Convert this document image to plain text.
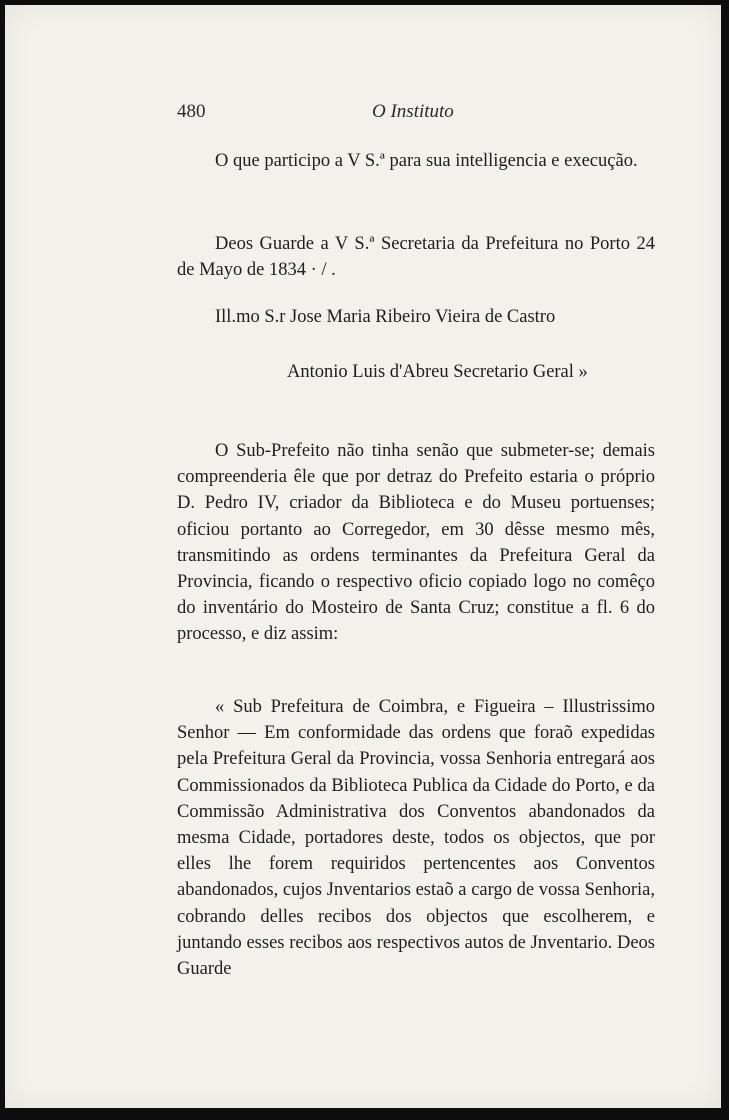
480	O Instituto

O que participo a V S.ª para sua intelligencia e execução.

Deos Guarde a V S.ª Secretaria da Prefeitura no Porto 24 de Mayo de 1834 · / .

Ill.mo S.r Jose Maria Ribeiro Vieira de Castro
Antonio Luis d'Abreu Secretario Geral »

O Sub-Prefeito não tinha senão que submeter-se; demais compreenderia êle que por detraz do Prefeito estaria o próprio D. Pedro IV, criador da Biblioteca e do Museu portuenses; oficiou portanto ao Corregedor, em 30 dêsse mesmo mês, transmitindo as ordens terminantes da Prefeitura Geral da Provincia, ficando o respectivo oficio copiado logo no comêço do inventário do Mosteiro de Santa Cruz; constitue a fl. 6 do processo, e diz assim:

« Sub Prefeitura de Coimbra, e Figueira – Illustrissimo Senhor — Em conformidade das ordens que foraõ expedidas pela Prefeitura Geral da Provincia, vossa Senhoria entregará aos Commissionados da Biblioteca Publica da Cidade do Porto, e da Commissão Administrativa dos Conventos abandonados da mesma Cidade, portadores deste, todos os objectos, que por elles lhe forem requiridos pertencentes aos Conventos abandonados, cujos Jnventarios estaõ a cargo de vossa Senhoria, cobrando delles recibos dos objectos que escolherem, e juntando esses recibos aos respectivos autos de Jnventario. Deos Guarde
